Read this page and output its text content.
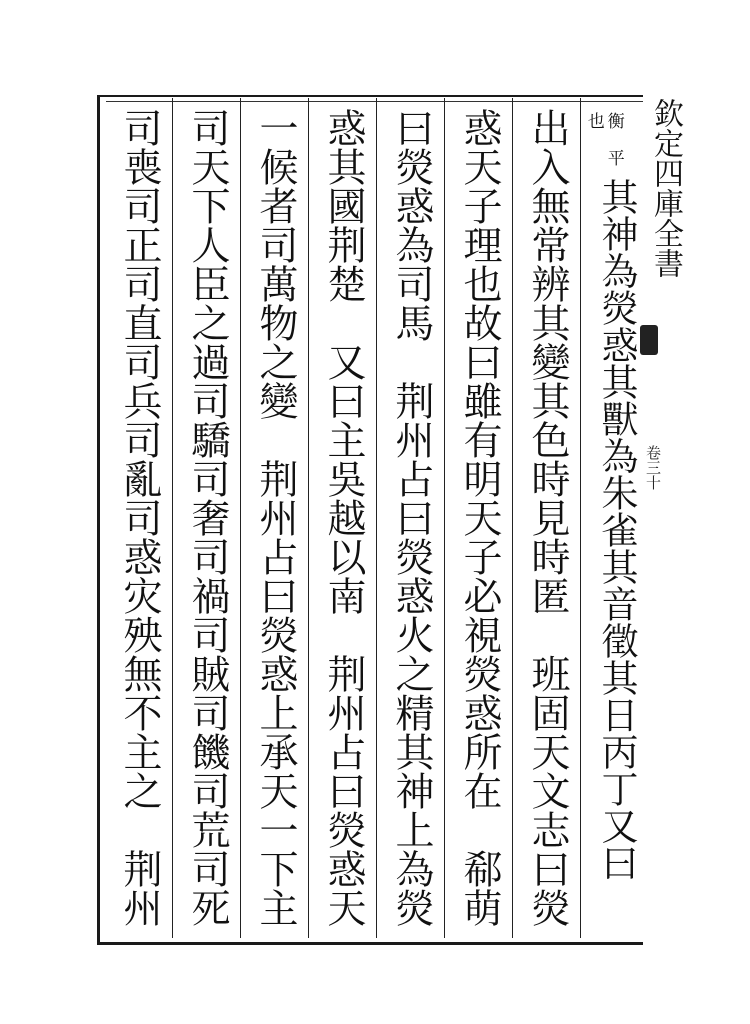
欽定四庫全書
卷三十
衡 平
也
其神為熒惑其獸為朱雀其音徵其日丙丁又曰
出入無常辨其變其色時見時匿　班固天文志曰熒
惑天子理也故曰雖有明天子必視熒惑所在　郗萌
曰熒惑為司馬　荆州占曰熒惑火之精其神上為熒
惑其國荆楚　又曰主吳越以南　荆州占曰熒惑天
一候者司萬物之變　荆州占曰熒惑上承天一下主
司天下人臣之過司驕司奢司禍司賊司饑司荒司死
司喪司正司直司兵司亂司惑灾殃無不主之　荆州
